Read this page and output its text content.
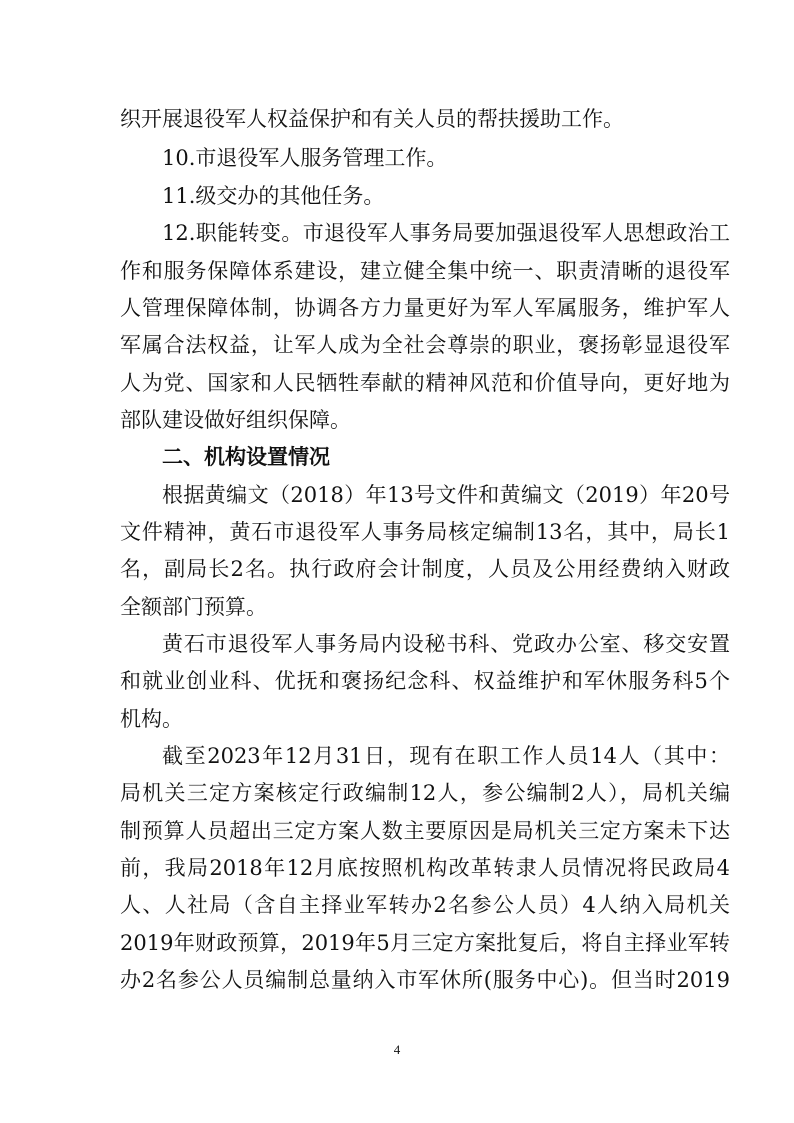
织开展退役军人权益保护和有关人员的帮扶援助工作。
10.市退役军人服务管理工作。
11.级交办的其他任务。
12.职能转变。市退役军人事务局要加强退役军人思想政治工
作和服务保障体系建设，建立健全集中统一、职责清晰的退役军
人管理保障体制，协调各方力量更好为军人军属服务，维护军人
军属合法权益，让军人成为全社会尊崇的职业，褒扬彰显退役军
人为党、国家和人民牺牲奉献的精神风范和价值导向，更好地为
部队建设做好组织保障。
二、机构设置情况
根据黄编文（2018）年13号文件和黄编文（2019）年20号
文件精神，黄石市退役军人事务局核定编制13名，其中，局长1
名，副局长2名。执行政府会计制度，人员及公用经费纳入财政
全额部门预算。
黄石市退役军人事务局内设秘书科、党政办公室、移交安置
和就业创业科、优抚和褒扬纪念科、权益维护和军休服务科5个
机构。
截至2023年12月31日，现有在职工作人员14人（其中：
局机关三定方案核定行政编制12人，参公编制2人），局机关编
制预算人员超出三定方案人数主要原因是局机关三定方案未下达
前，我局2018年12月底按照机构改革转隶人员情况将民政局4
人、人社局（含自主择业军转办2名参公人员）4人纳入局机关
2019年财政预算，2019年5月三定方案批复后，将自主择业军转
办2名参公人员编制总量纳入市军休所(服务中心)。但当时2019
4
